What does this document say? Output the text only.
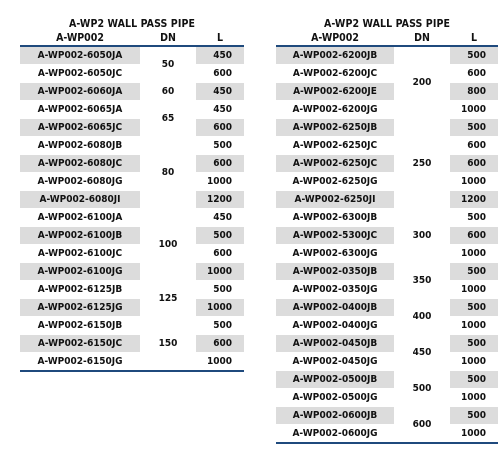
A-WP2 WALL PASS PIPE
A-WP002	DN	L
A-WP002-6050JA	50	450
A-WP002-6050JC		600
A-WP002-6060JA	60	450
A-WP002-6065JA	65	450
A-WP002-6065JC		600
A-WP002-6080JB	80	500
A-WP002-6080JC		600
A-WP002-6080JG		1000
A-WP002-6080JI		1200
A-WP002-6100JA	100	450
A-WP002-6100JB		500
A-WP002-6100JC		600
A-WP002-6100JG		1000
A-WP002-6125JB	125	500
A-WP002-6125JG		1000
A-WP002-6150JB	150	500
A-WP002-6150JC		600
A-WP002-6150JG		1000
A-WP2 WALL PASS PIPE
A-WP002	DN	L
A-WP002-6200JB	200	500
A-WP002-6200JC		600
A-WP002-6200JE		800
A-WP002-6200JG		1000
A-WP002-6250JB	250	500
A-WP002-6250JC		600
A-WP002-6250JC		600
A-WP002-6250JG		1000
A-WP002-6250JI		1200
A-WP002-6300JB	300	500
A-WP002-5300JC		600
A-WP002-6300JG		1000
A-WP002-0350JB	350	500
A-WP002-0350JG		1000
A-WP002-0400JB	400	500
A-WP002-0400JG		1000
A-WP002-0450JB	450	500
A-WP002-0450JG		1000
A-WP002-0500JB	500	500
A-WP002-0500JG		1000
A-WP002-0600JB	600	500
A-WP002-0600JG		1000
